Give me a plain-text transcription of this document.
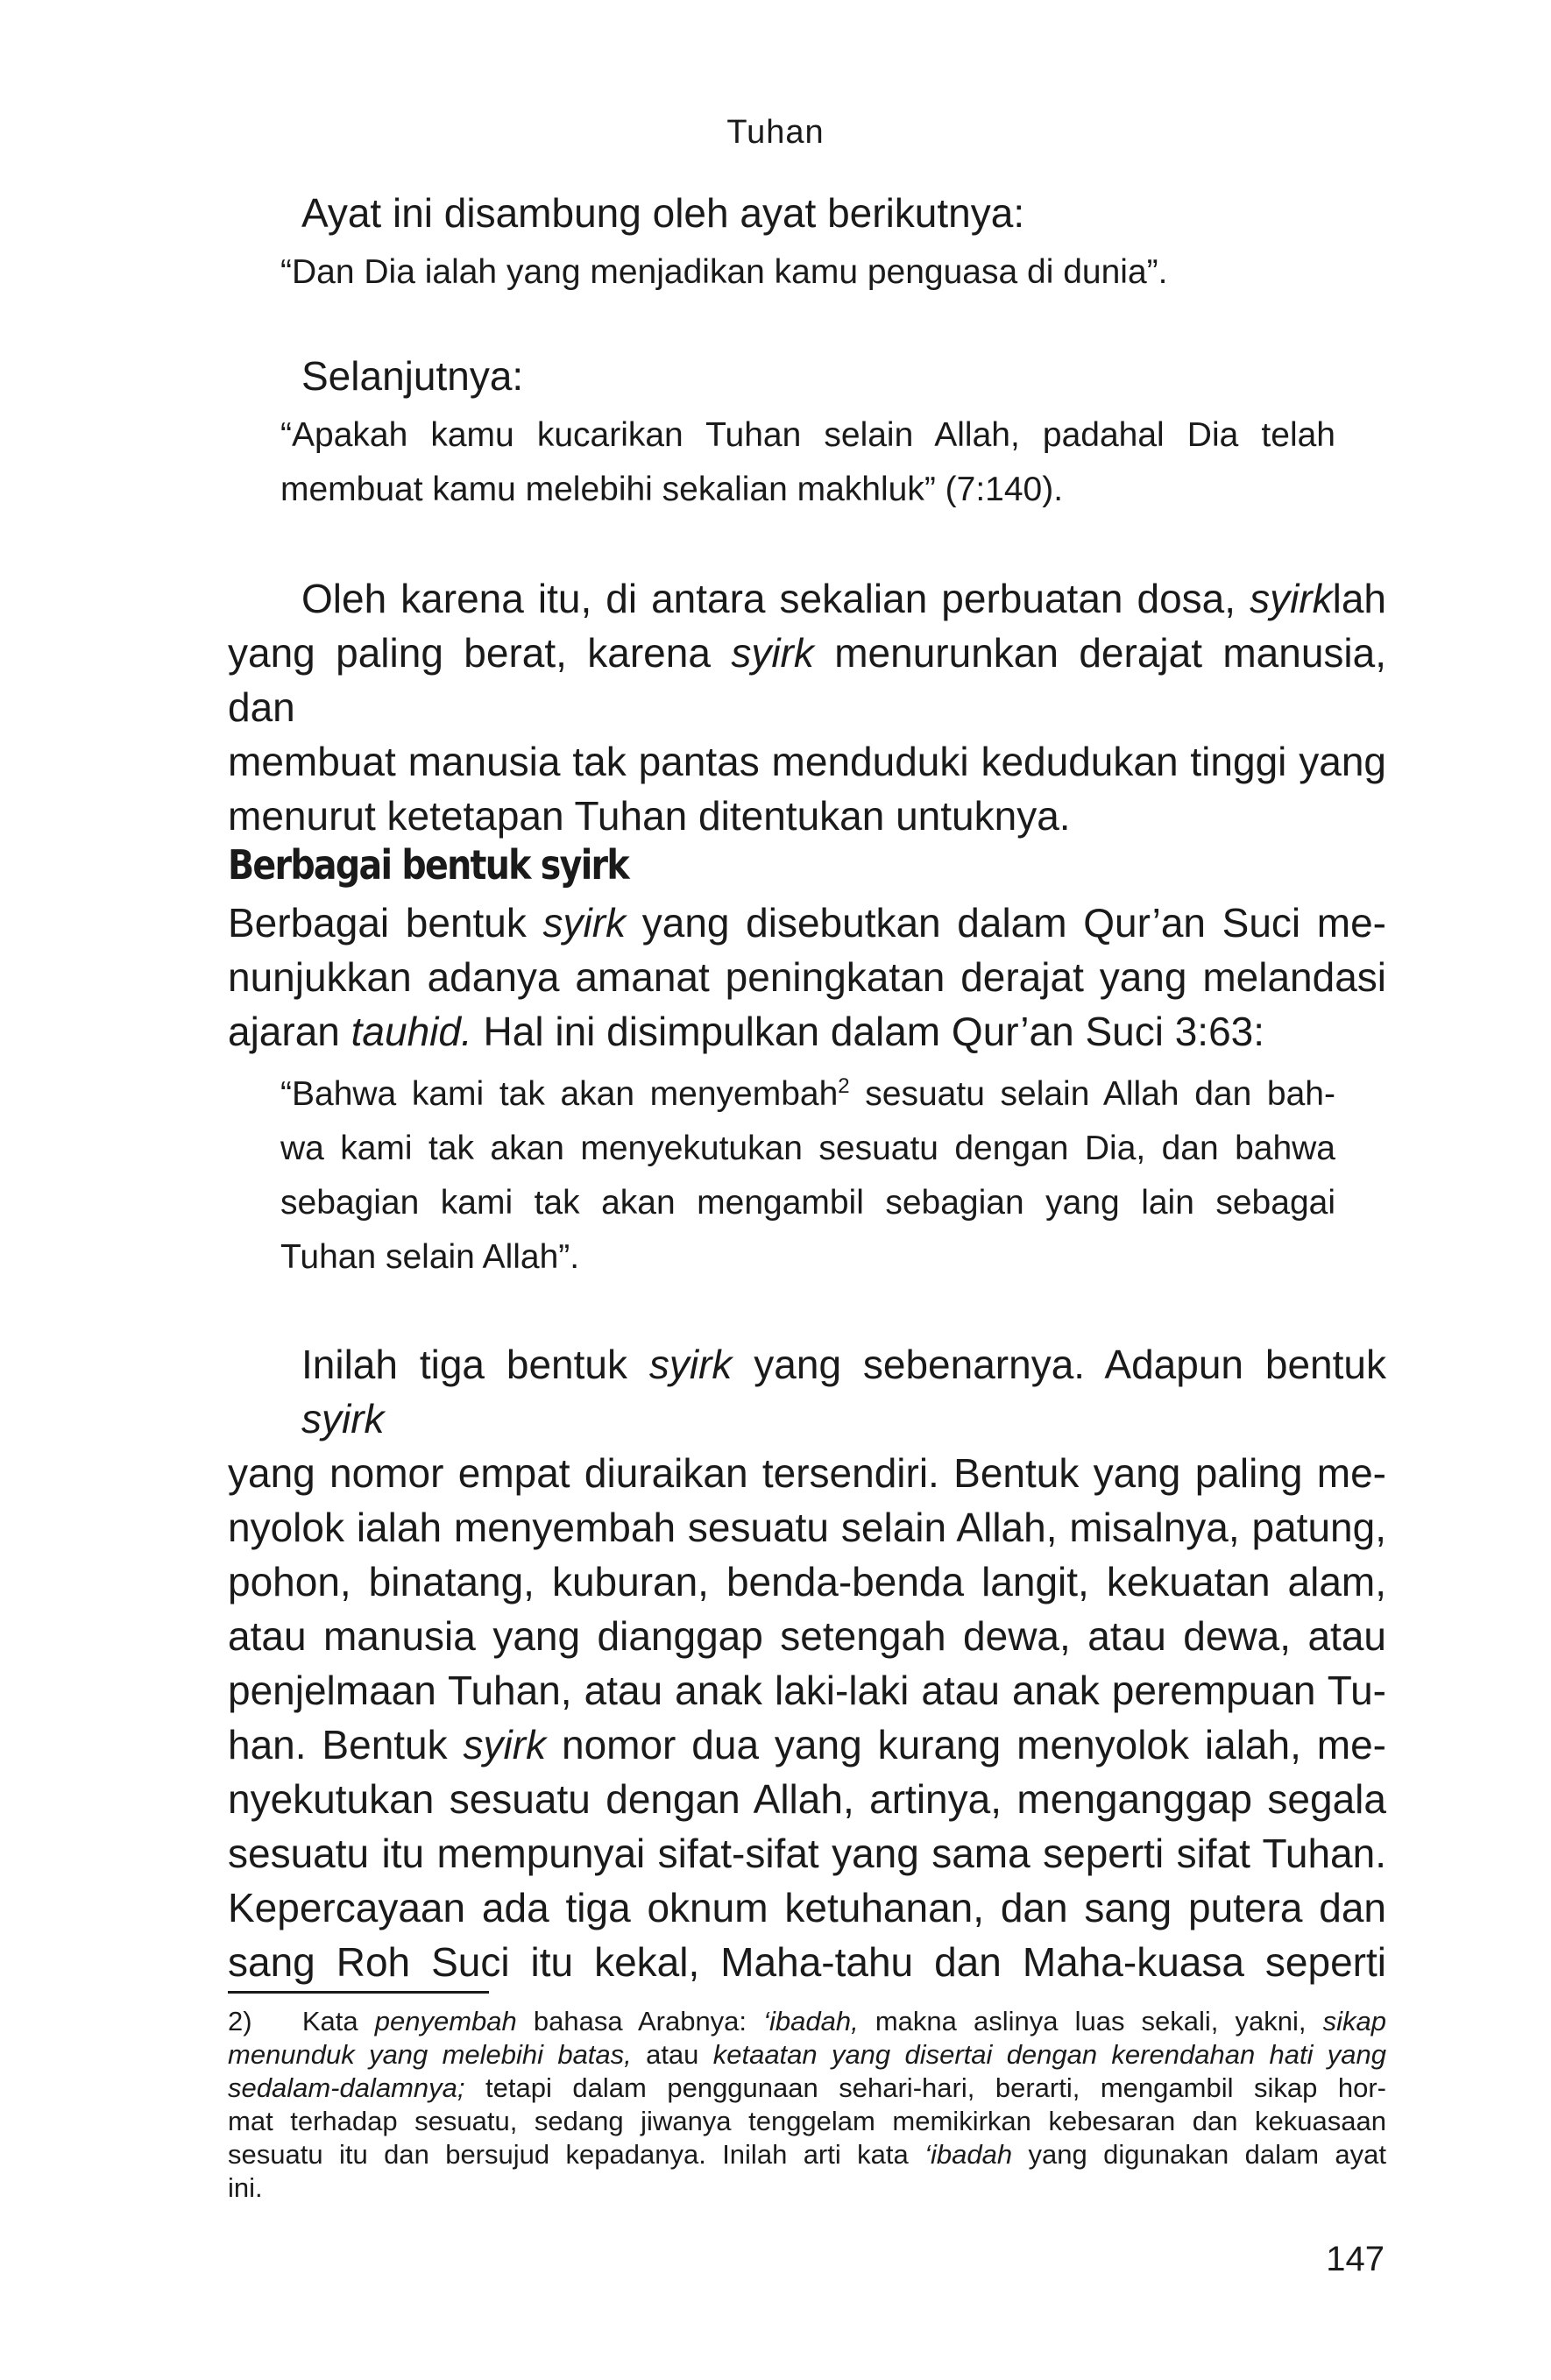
Tuhan
Ayat ini disambung oleh ayat berikutnya:
“Dan Dia ialah yang menjadikan kamu penguasa di dunia”.
Selanjutnya:
“Apakah kamu kucarikan Tuhan selain Allah, padahal Dia telah
membuat kamu melebihi sekalian makhluk” (7:140).
Oleh karena itu, di antara sekalian perbuatan dosa, syirklah
yang paling berat, karena syirk menurunkan derajat manusia, dan
membuat manusia tak pantas menduduki kedudukan tinggi yang
menurut ketetapan Tuhan ditentukan untuknya.
Berbagai bentuk syirk
Berbagai bentuk syirk yang disebutkan dalam Qur’an Suci me-
nunjukkan adanya amanat peningkatan derajat yang melandasi
ajaran tauhid. Hal ini disimpulkan dalam Qur’an Suci 3:63:
“Bahwa kami tak akan menyembah$^2$ sesuatu selain Allah dan bah-
wa kami tak akan menyekutukan sesuatu dengan Dia, dan bahwa
sebagian kami tak akan mengambil sebagian yang lain sebagai
Tuhan selain Allah”.
Inilah tiga bentuk syirk yang sebenarnya. Adapun bentuk syirk
yang nomor empat diuraikan tersendiri. Bentuk yang paling me-
nyolok ialah menyembah sesuatu selain Allah, misalnya, patung,
pohon, binatang, kuburan, benda-benda langit, kekuatan alam,
atau manusia yang dianggap setengah dewa, atau dewa, atau
penjelmaan Tuhan, atau anak laki-laki atau anak perempuan Tu-
han. Bentuk syirk nomor dua yang kurang menyolok ialah, me-
nyekutukan sesuatu dengan Allah, artinya, menganggap segala
sesuatu itu mempunyai sifat-sifat yang sama seperti sifat Tuhan.
Kepercayaan ada tiga oknum ketuhanan, dan sang putera dan
sang Roh Suci itu kekal, Maha-tahu dan Maha-kuasa seperti
2)   Kata penyembah bahasa Arabnya: ‘ibadah, makna aslinya luas sekali, yakni, sikap
menunduk yang melebihi batas, atau ketaatan yang disertai dengan kerendahan hati yang
sedalam-dalamnya; tetapi dalam penggunaan sehari-hari, berarti, mengambil sikap hor-
mat terhadap sesuatu, sedang jiwanya tenggelam memikirkan kebesaran dan kekuasaan
sesuatu itu dan bersujud kepadanya. Inilah arti kata ‘ibadah yang digunakan dalam ayat
ini.
147
